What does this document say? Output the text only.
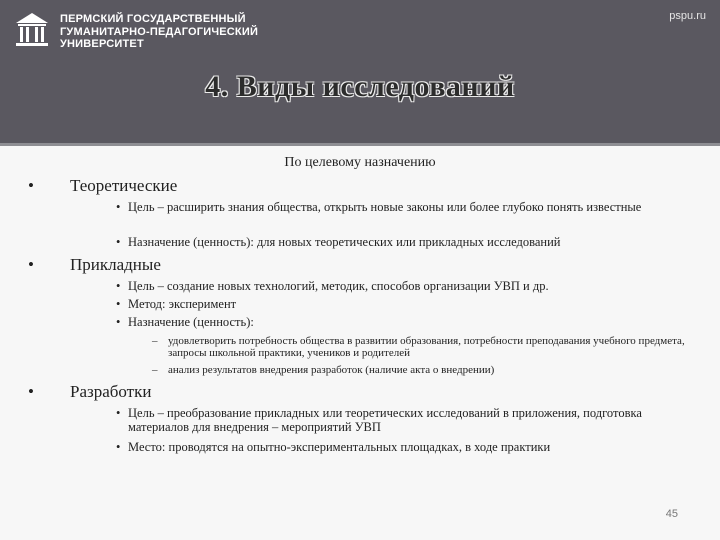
ПЕРМСКИЙ ГОСУДАРСТВЕННЫЙ
ГУМАНИТАРНО-ПЕДАГОГИЧЕСКИЙ
УНИВЕРСИТЕТ
pspu.ru
4. Виды исследований
По целевому назначению
• Теоретические
• Цель – расширить знания общества, открыть новые законы или более глубоко понять известные
• Назначение (ценность): для новых теоретических или прикладных исследований
• Прикладные
• Цель – создание новых технологий, методик, способов организации УВП и др.
• Метод: эксперимент
• Назначение (ценность):
– удовлетворить потребность общества в развитии образования, потребности преподавания учебного предмета, запросы школьной практики, учеников и родителей
– анализ результатов внедрения разработок (наличие акта о внедрении)
• Разработки
• Цель – преобразование прикладных или теоретических исследований в приложения, подготовка материалов для внедрения – мероприятий УВП
• Место: проводятся на опытно-экспериментальных площадках, в ходе практики
45
